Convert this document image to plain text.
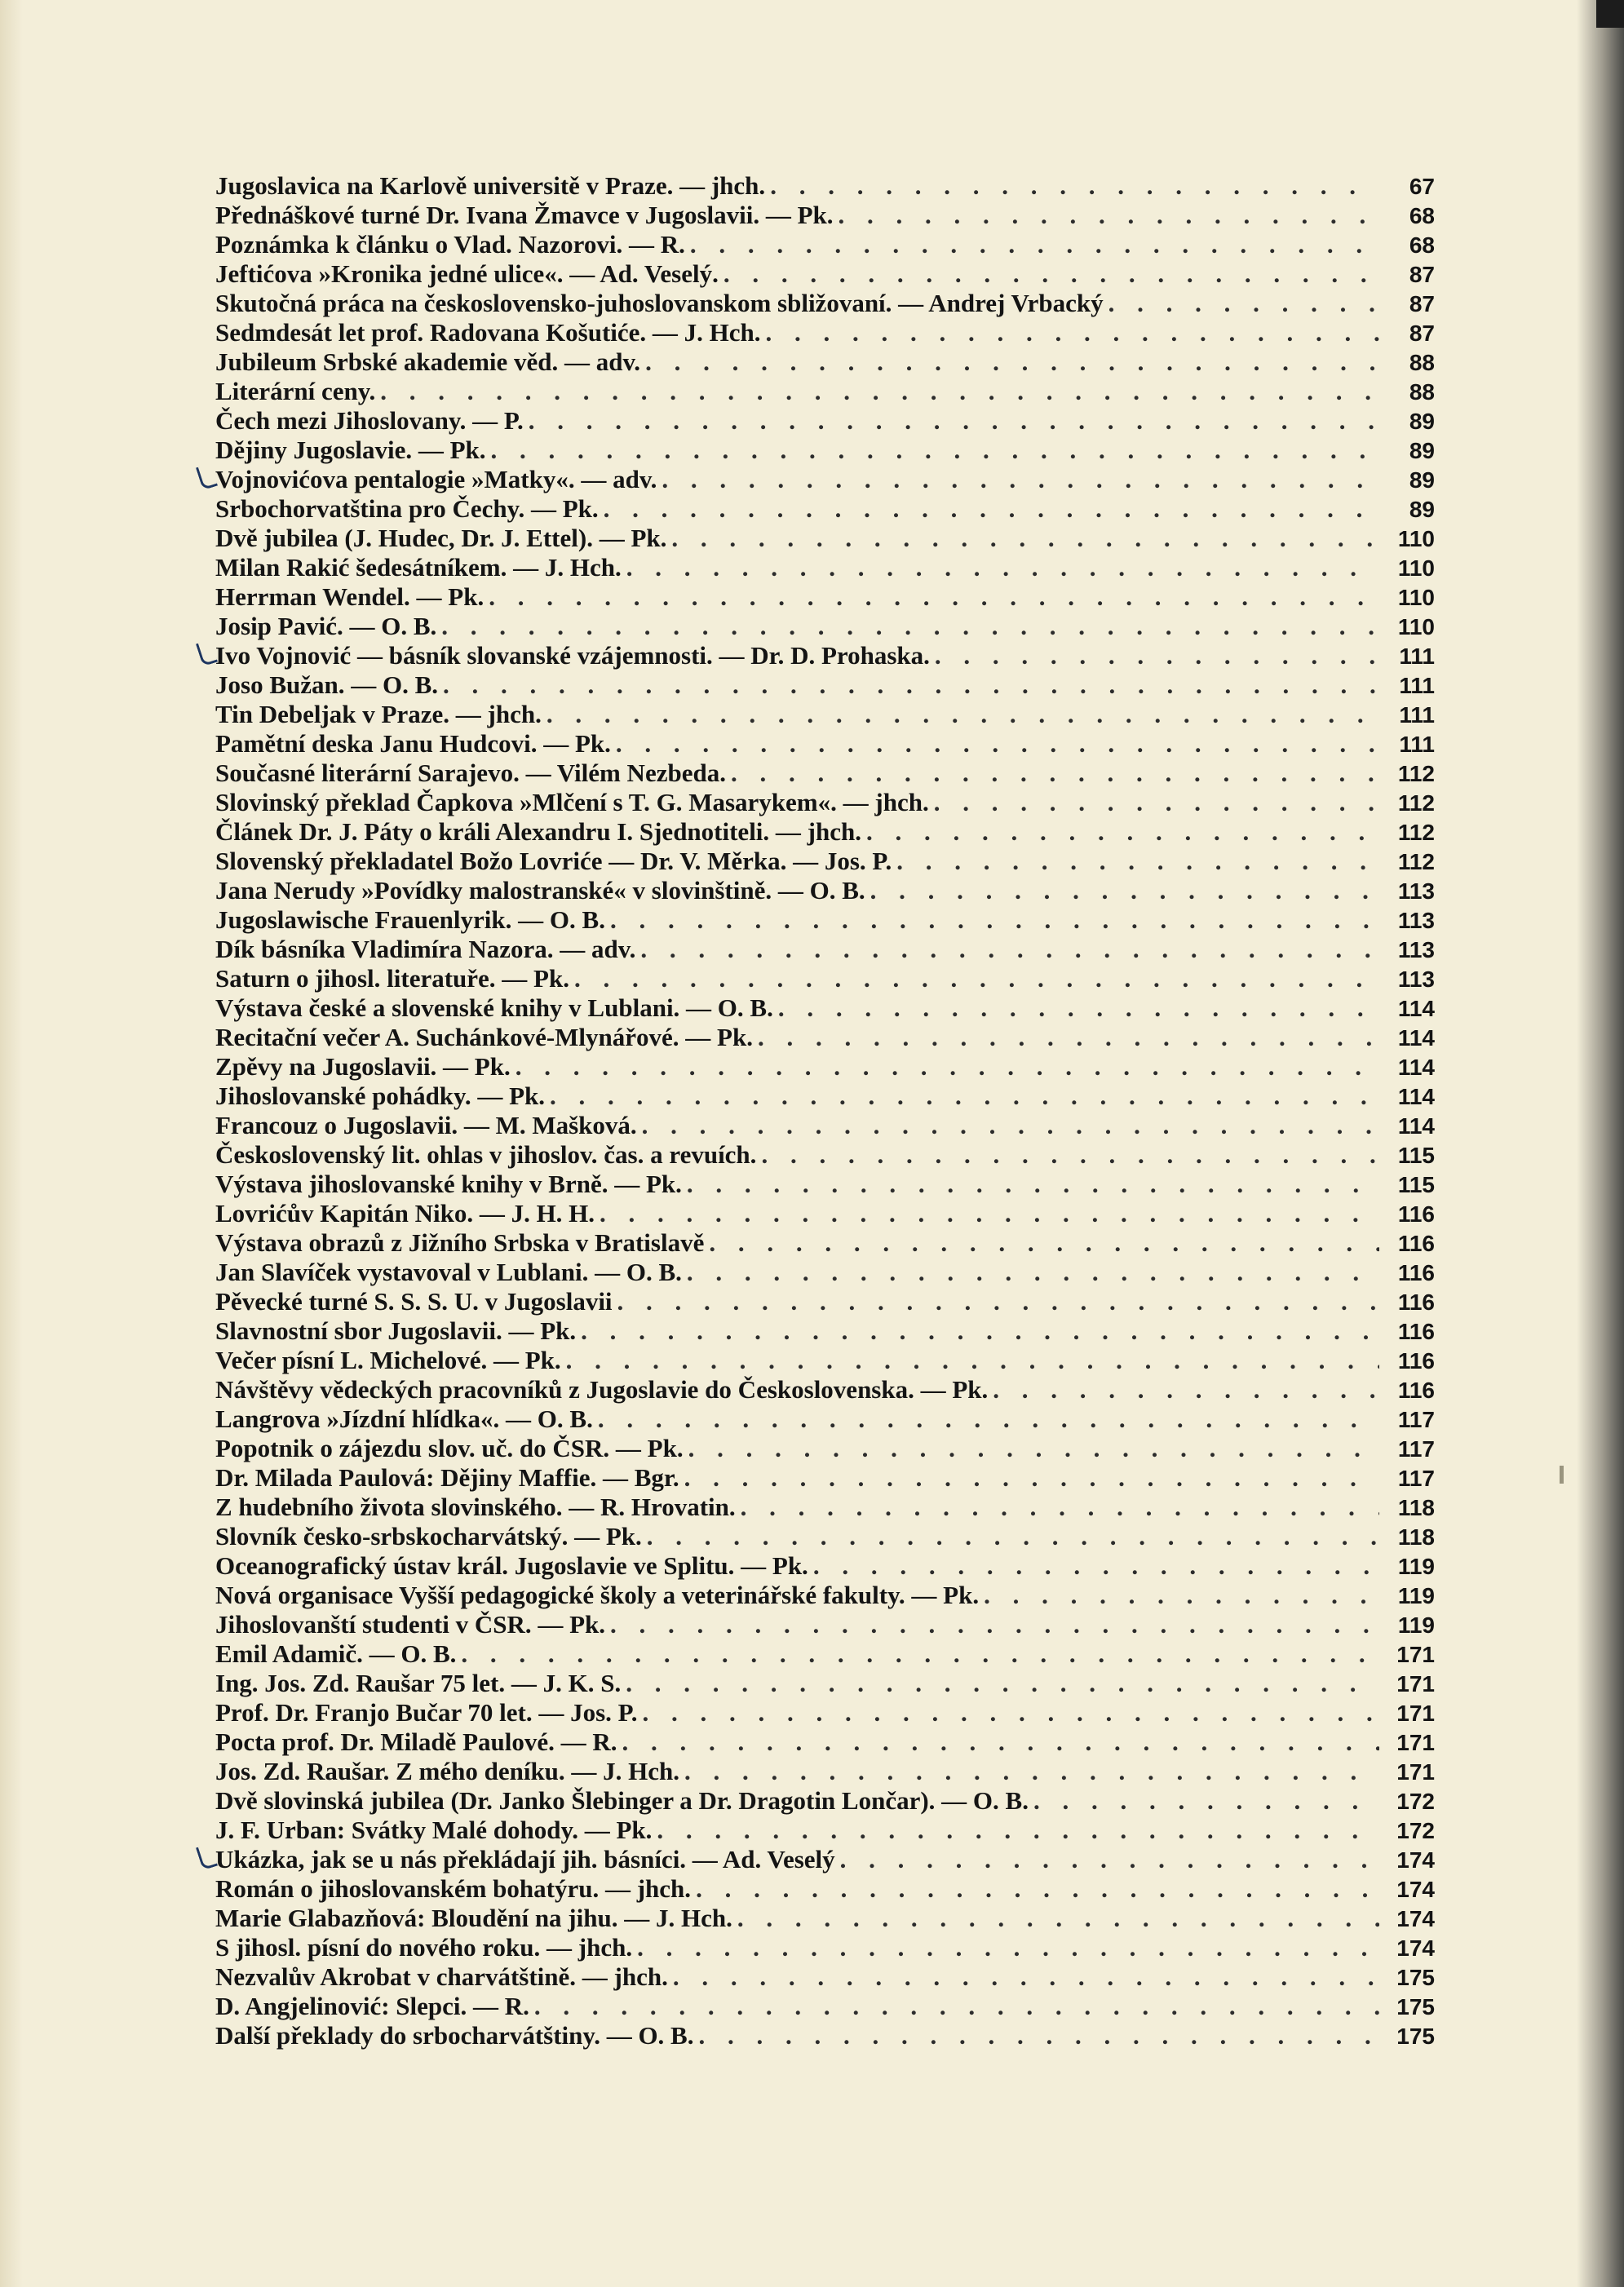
Jugoslavica na Karlově universitě v Praze. — jhch. . . .	67
Přednáškové turné Dr. Ivana Žmavce v Jugoslavii. — Pk. . . .	68
Poznámka k článku o Vlad. Nazorovi. — R. . . .	68
Jeftićova »Kronika jedné ulice«. — Ad. Veselý. . . .	87
Skutočná práca na československo-juhoslovanskom sbližovaní. — Andrej Vrbacký . . .	87
Sedmdesát let prof. Radovana Košutiće. — J. Hch. . . .	87
Jubileum Srbské akademie věd. — adv. . . .	88
Literární ceny. . . .	88
Čech mezi Jihoslovany. — P. . . .	89
Dějiny Jugoslavie. — Pk. . . .	89
Vojnovićova pentalogie »Matky«. — adv. . . .	89
Srbochorvatština pro Čechy. — Pk. . . .	89
Dvě jubilea (J. Hudec, Dr. J. Ettel). — Pk. . . .	110
Milan Rakić šedesátníkem. — J. Hch. . . .	110
Herrman Wendel. — Pk. . . .	110
Josip Pavić. — O. B. . . .	110
Ivo Vojnović — básník slovanské vzájemnosti. — Dr. D. Prohaska. . . .	111
Joso Bužan. — O. B. . . .	111
Tin Debeljak v Praze. — jhch. . . .	111
Pamětní deska Janu Hudcovi. — Pk. . . .	111
Současné literární Sarajevo. — Vilém Nezbeda. . . .	112
Slovinský překlad Čapkova »Mlčení s T. G. Masarykem«. — jhch. . . .	112
Článek Dr. J. Páty o králi Alexandru I. Sjednotiteli. — jhch. . . .	112
Slovenský překladatel Božo Lovriće — Dr. V. Měrka. — Jos. P. . . .	112
Jana Nerudy »Povídky malostranské« v slovinštině. — O. B. . . .	113
Jugoslawische Frauenlyrik. — O. B. . . .	113
Dík básníka Vladimíra Nazora. — adv. . . .	113
Saturn o jihosl. literatuře. — Pk. . . .	113
Výstava české a slovenské knihy v Lublani. — O. B. . . .	114
Recitační večer A. Suchánkové-Mlynářové. — Pk. . . .	114
Zpěvy na Jugoslavii. — Pk. . . .	114
Jihoslovanské pohádky. — Pk. . . .	114
Francouz o Jugoslavii. — M. Mašková. . . .	114
Československý lit. ohlas v jihoslov. čas. a revuích. . . .	115
Výstava jihoslovanské knihy v Brně. — Pk. . . .	115
Lovrićův Kapitán Niko. — J. H. H. . . .	116
Výstava obrazů z Jižního Srbska v Bratislavě . . .	116
Jan Slavíček vystavoval v Lublani. — O. B. . . .	116
Pěvecké turné S. S. S. U. v Jugoslavii . . .	116
Slavnostní sbor Jugoslavii. — Pk. . . .	116
Večer písní L. Michelové. — Pk. . . .	116
Návštěvy vědeckých pracovníků z Jugoslavie do Československa. — Pk. . . .	116
Langrova »Jízdní hlídka«. — O. B. . . .	117
Popotnik o zájezdu slov. uč. do ČSR. — Pk. . . .	117
Dr. Milada Paulová: Dějiny Maffie. — Bgr. . . .	117
Z hudebního života slovinského. — R. Hrovatin. . . .	118
Slovník česko-srbskocharvátský. — Pk. . . .	118
Oceanografický ústav král. Jugoslavie ve Splitu. — Pk. . . .	119
Nová organisace Vyšší pedagogické školy a veterinářské fakulty. — Pk. . . .	119
Jihoslovanští studenti v ČSR. — Pk. . . .	119
Emil Adamič. — O. B. . . .	171
Ing. Jos. Zd. Raušar 75 let. — J. K. S. . . .	171
Prof. Dr. Franjo Bučar 70 let. — Jos. P. . . .	171
Pocta prof. Dr. Miladě Paulové. — R. . . .	171
Jos. Zd. Raušar. Z mého deníku. — J. Hch. . . .	171
Dvě slovinská jubilea (Dr. Janko Šlebinger a Dr. Dragotin Lončar). — O. B. . . .	172
J. F. Urban: Svátky Malé dohody. — Pk. . . .	172
Ukázka, jak se u nás překládají jih. básníci. — Ad. Veselý . . .	174
Román o jihoslovanském bohatýru. — jhch. . . .	174
Marie Glabazňová: Bloudění na jihu. — J. Hch. . . .	174
S jihosl. písní do nového roku. — jhch. . . .	174
Nezvalův Akrobat v charvátštině. — jhch. . . .	175
D. Angjelinović: Slepci. — R. . . .	175
Další překlady do srbocharvátštiny. — O. B. . . .	175
